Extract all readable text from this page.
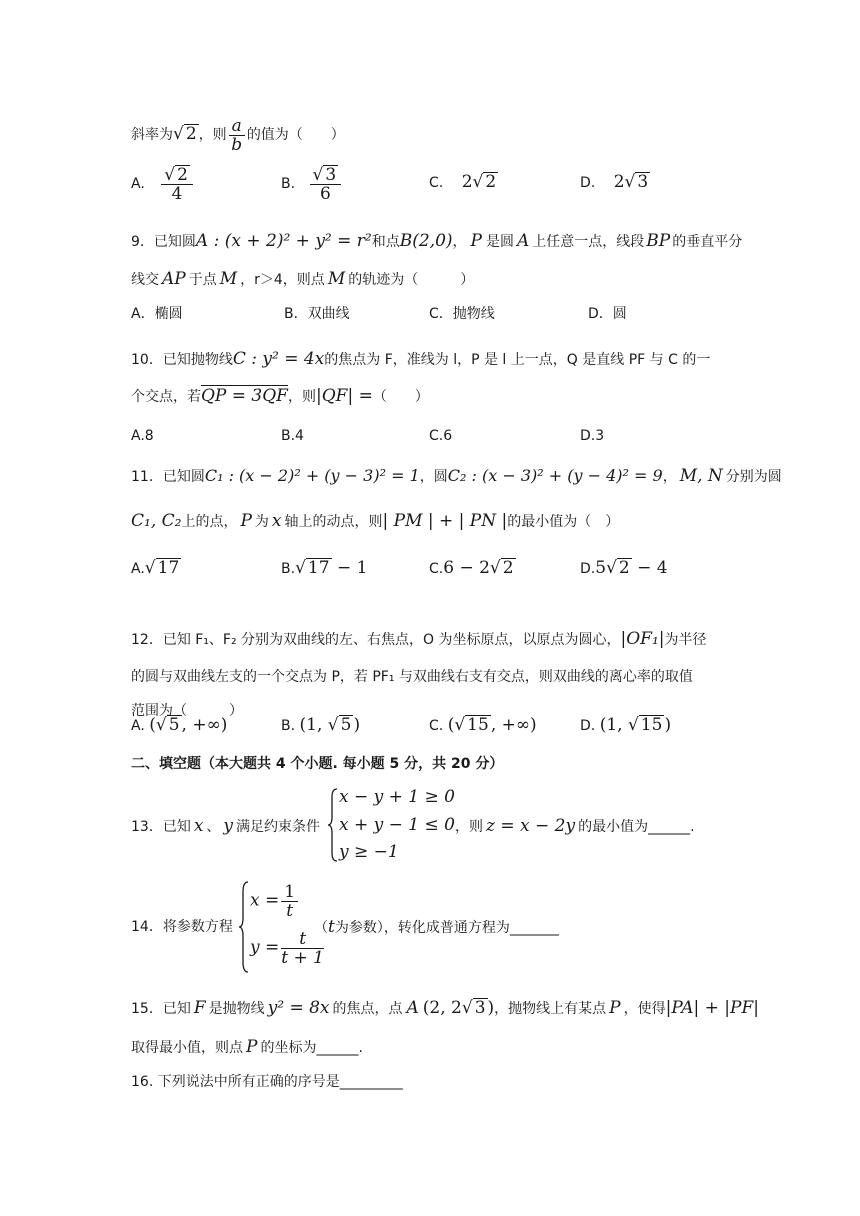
斜率为√ 2 ，则 $\frac{a}{b}$ 的值为（　　）
A. $\frac{√ 2}{4}$	B. $\frac{√ 3}{6}$	C. 2√ 2	D. 2√ 3
9．已知圆A : (x + 2)² + y² = r²和点B(2,0)， P 是圆 A 上任意一点，线段 BP 的垂直平分
线交 AP 于点 M ，r＞4，则点 M 的轨迹为（　　　）
A．椭圆	B．双曲线	C．抛物线	D．圆
10．已知抛物线C : y² = 4x的焦点为 F，准线为 l，P 是 l 上一点，Q 是直线 PF 与 C 的一
个交点，若QP = 3QF，则|QF| =（　　）
A.8	B.4	C.6	D.3
11．已知圆C₁ : (x − 2)² + (y − 3)² = 1，圆C₂ : (x − 3)² + (y − 4)² = 9， M, N 分别为圆
C₁, C₂上的点， P 为 x 轴上的动点，则| PM | + | PN |的最小值为（　）
A.√ 17	B.√ 17 − 1	C.6 − 2√ 2	D.5√ 2 − 4
12．已知 F₁、F₂ 分别为双曲线的左、右焦点，O 为坐标原点，以原点为圆心，|OF₁|为半径
的圆与双曲线左支的一个交点为 P，若 PF₁ 与双曲线右支有交点，则双曲线的离心率的取值
范围为（　　　）
A. (√ 5 , +∞)	B. (1, √ 5 )	C. (√ 15 , +∞)	D. (1, √ 15 )
二、填空题（本大题共 4 个小题. 每小题 5 分，共 20 分）
13．已知 x 、 y 满足约束条件
x − y + 1 ≥ 0
x + y − 1 ≤ 0
y ≥ −1
，则 z = x − 2y 的最小值为______.
14．将参数方程
$x = \frac{1}{t}$
$y = \frac{t}{t + 1}$
（t为参数），转化成普通方程为_______
15．已知 F 是抛物线 y² = 8x 的焦点，点 A (2, 2√ 3 )，抛物线上有某点 P ，使得|PA| + |PF|
取得最小值，则点 P 的坐标为______.
16. 下列说法中所有正确的序号是_________
